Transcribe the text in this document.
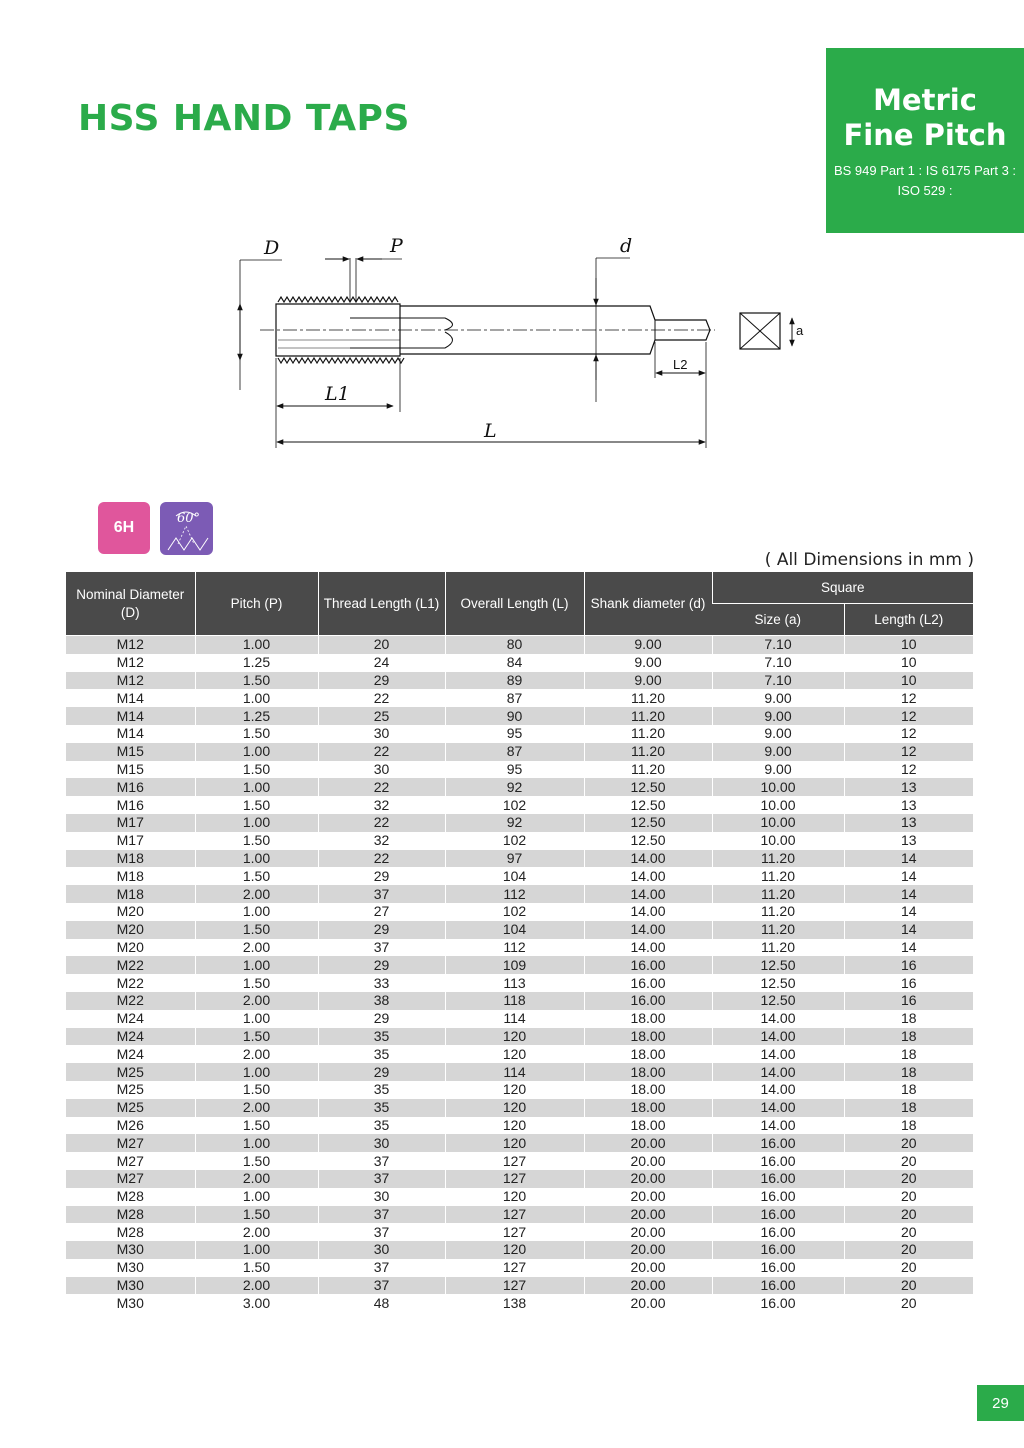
HSS HAND TAPS	Metric
Fine Pitch
BS 949 Part 1 : IS 6175 Part 3 : ISO 529 :
D	P	d
L1
L
L2
a
6H
60°
( All Dimensions in mm )
Nominal Diameter (D)	Pitch (P)	Thread Length (L1)	Overall Length (L)	Shank diameter (d)	Square	
					Size (a)	Length (L2)
M12	1.00	20	80	9.00	7.10	10
M12	1.25	24	84	9.00	7.10	10
M12	1.50	29	89	9.00	7.10	10
M14	1.00	22	87	11.20	9.00	12
M14	1.25	25	90	11.20	9.00	12
M14	1.50	30	95	11.20	9.00	12
M15	1.00	22	87	11.20	9.00	12
M15	1.50	30	95	11.20	9.00	12
M16	1.00	22	92	12.50	10.00	13
M16	1.50	32	102	12.50	10.00	13
M17	1.00	22	92	12.50	10.00	13
M17	1.50	32	102	12.50	10.00	13
M18	1.00	22	97	14.00	11.20	14
M18	1.50	29	104	14.00	11.20	14
M18	2.00	37	112	14.00	11.20	14
M20	1.00	27	102	14.00	11.20	14
M20	1.50	29	104	14.00	11.20	14
M20	2.00	37	112	14.00	11.20	14
M22	1.00	29	109	16.00	12.50	16
M22	1.50	33	113	16.00	12.50	16
M22	2.00	38	118	16.00	12.50	16
M24	1.00	29	114	18.00	14.00	18
M24	1.50	35	120	18.00	14.00	18
M24	2.00	35	120	18.00	14.00	18
M25	1.00	29	114	18.00	14.00	18
M25	1.50	35	120	18.00	14.00	18
M25	2.00	35	120	18.00	14.00	18
M26	1.50	35	120	18.00	14.00	18
M27	1.00	30	120	20.00	16.00	20
M27	1.50	37	127	20.00	16.00	20
M27	2.00	37	127	20.00	16.00	20
M28	1.00	30	120	20.00	16.00	20
M28	1.50	37	127	20.00	16.00	20
M28	2.00	37	127	20.00	16.00	20
M30	1.00	30	120	20.00	16.00	20
M30	1.50	37	127	20.00	16.00	20
M30	2.00	37	127	20.00	16.00	20
M30	3.00	48	138	20.00	16.00	20
29
